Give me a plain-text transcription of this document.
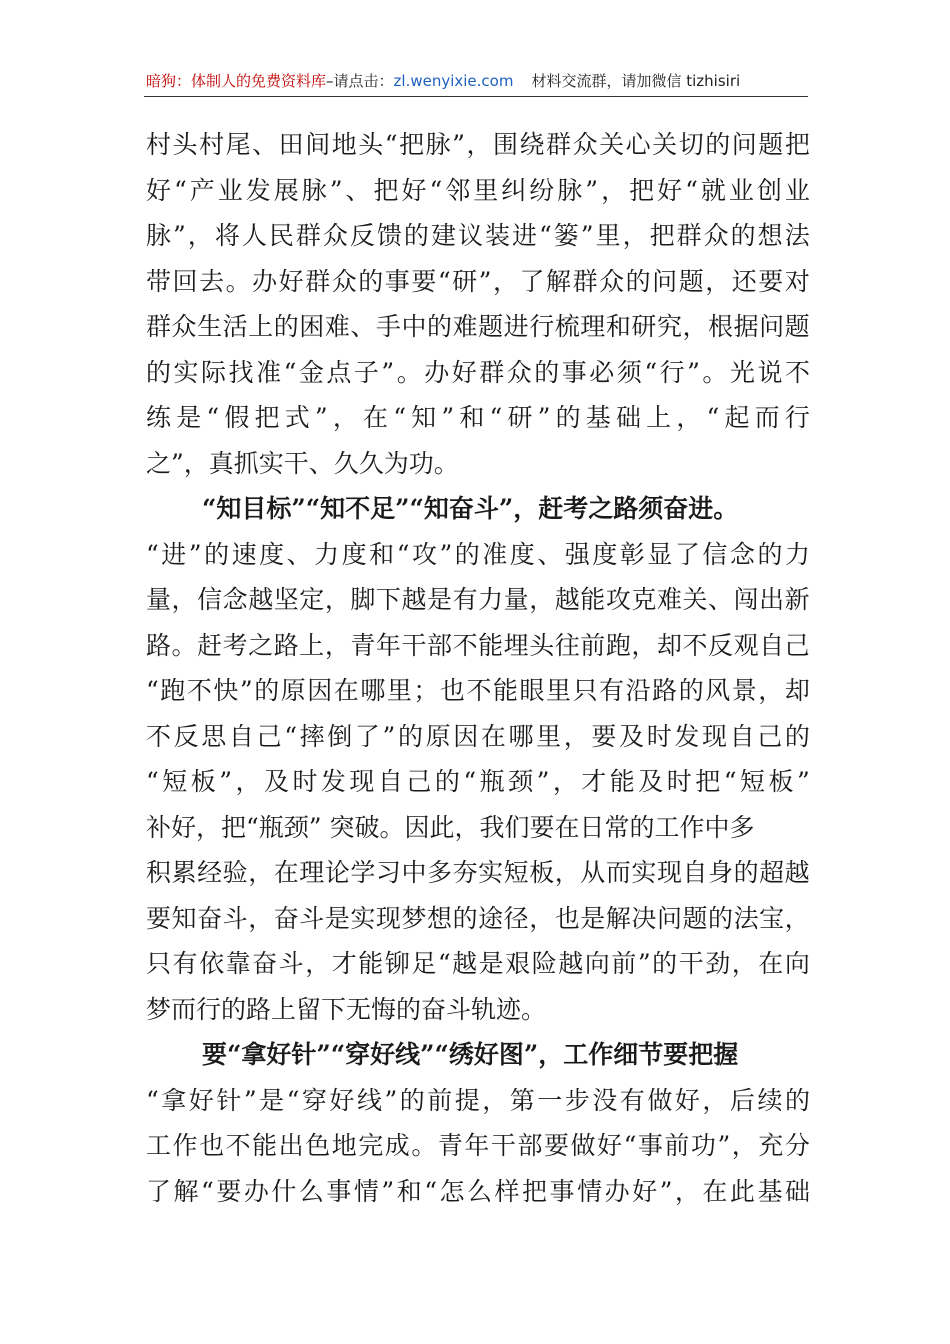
暗狗：体制人的免费资料库–请点击：zl.wenyixie.com 材料交流群，请加微信 tizhisiri
村 头 村 尾 、 田 间 地 头 “ 把 脉 ” ， 围 绕 群 众 关 心 关 切 的 问 题 把
好 “ 产 业 发 展 脉 ” 、 把 好 “ 邻 里 纠 纷 脉 ” ， 把 好 “ 就 业 创 业
脉 ” ， 将 人 民 群 众 反 馈 的 建 议 装 进 “ 篓 ” 里 ， 把 群 众 的 想 法
带 回 去 。 办 好 群 众 的 事 要 “ 研 ” ， 了 解 群 众 的 问 题 ， 还 要 对
群 众 生 活 上 的 困 难 、 手 中 的 难 题 进 行 梳 理 和 研 究 ， 根 据 问 题
的 实 际 找 准 “ 金 点 子 ” 。 办 好 群 众 的 事 必 须 “ 行 ” 。 光 说 不
练 是 “ 假 把 式 ” ， 在 “ 知 ” 和 “ 研 ” 的 基 础 上 ， “ 起 而 行
之”，真抓实干、久久为功。
“知目标”“知不足”“知奋斗”，赶考之路须奋进。
“ 进 ” 的 速 度 、 力 度 和 “ 攻 ” 的 准 度 、 强 度 彰 显 了 信 念 的 力
量 ， 信 念 越 坚 定 ， 脚 下 越 是 有 力 量 ， 越 能 攻 克 难 关 、 闯 出 新
路 。 赶 考 之 路 上 ， 青 年 干 部 不 能 埋 头 往 前 跑 ， 却 不 反 观 自 己
“ 跑 不 快 ” 的 原 因 在 哪 里 ； 也 不 能 眼 里 只 有 沿 路 的 风 景 ， 却
不 反 思 自 己 “ 摔 倒 了 ” 的 原 因 在 哪 里 ， 要 及 时 发 现 自 己 的
“ 短 板 ” ， 及 时 发 现 自 己 的 “ 瓶 颈 ” ， 才 能 及 时 把 “ 短 板 ”
补好，把“瓶颈” 突破。因此，我们要在日常的工作中多
积 累 经 验 ， 在 理 论 学 习 中 多 夯 实 短 板 ， 从 而 实 现 自 身 的 超 越
要 知 奋 斗 ， 奋 斗 是 实 现 梦 想 的 途 径 ， 也 是 解 决 问 题 的 法 宝 ，
只 有 依 靠 奋 斗 ， 才 能 铆 足 “ 越 是 艰 险 越 向 前 ” 的 干 劲 ， 在 向
梦而行的路上留下无悔的奋斗轨迹。
要“拿好针”“穿好线”“绣好图”，工作细节要把握
“ 拿 好 针 ” 是 “ 穿 好 线 ” 的 前 提 ， 第 一 步 没 有 做 好 ， 后 续 的
工 作 也 不 能 出 色 地 完 成 。 青 年 干 部 要 做 好 “ 事 前 功 ” ， 充 分
了 解 “ 要 办 什 么 事 情 ” 和 “ 怎 么 样 把 事 情 办 好 ” ， 在 此 基 础
